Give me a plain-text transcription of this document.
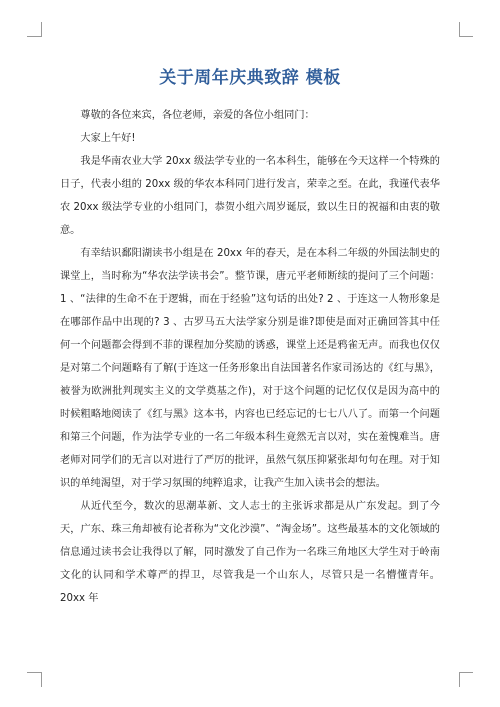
关于周年庆典致辞 模板

尊敬的各位来宾，各位老师，亲爱的各位小组同门：

大家上午好!

我是华南农业大学 20xx 级法学专业的一名本科生，能够在今天这样一个特殊的日子，代表小组的 20xx 级的华农本科同门进行发言，荣幸之至。在此，我谨代表华农 20xx 级法学专业的小组同门，恭贺小组六周岁诞辰，致以生日的祝福和由衷的敬意。

有幸结识鄱阳湖读书小组是在 20xx 年的春天，是在本科二年级的外国法制史的课堂上，当时称为“华农法学读书会”。整节课，唐元平老师断续的提问了三个问题：1 、“法律的生命不在于逻辑，而在于经验”这句话的出处? 2 、于连这一人物形象是在哪部作品中出现的? 3 、古罗马五大法学家分别是谁?即使是面对正确回答其中任何一个问题都会得到不菲的课程加分奖励的诱惑，课堂上还是鸦雀无声。而我也仅仅是对第二个问题略有了解(于连这一任务形象出自法国著名作家司汤达的《红与黑》，被誉为欧洲批判现实主义的文学奠基之作)，对于这个问题的记忆仅仅是因为高中的时候粗略地阅读了《红与黑》这本书，内容也已经忘记的七七八八了。而第一个问题和第三个问题，作为法学专业的一名二年级本科生竟然无言以对，实在羞愧难当。唐老师对同学们的无言以对进行了严厉的批评，虽然气氛压抑紧张却句句在理。对于知识的单纯渴望，对于学习氛围的纯粹追求，让我产生加入读书会的想法。

从近代至今，数次的思潮革新、文人志士的主张诉求都是从广东发起。到了今天，广东、珠三角却被有论者称为“文化沙漠”、“淘金场”。这些最基本的文化领域的信息通过读书会让我得以了解，同时激发了自己作为一名珠三角地区大学生对于岭南文化的认同和学术尊严的捍卫，尽管我是一个山东人，尽管只是一名懵懂青年。 20xx 年
